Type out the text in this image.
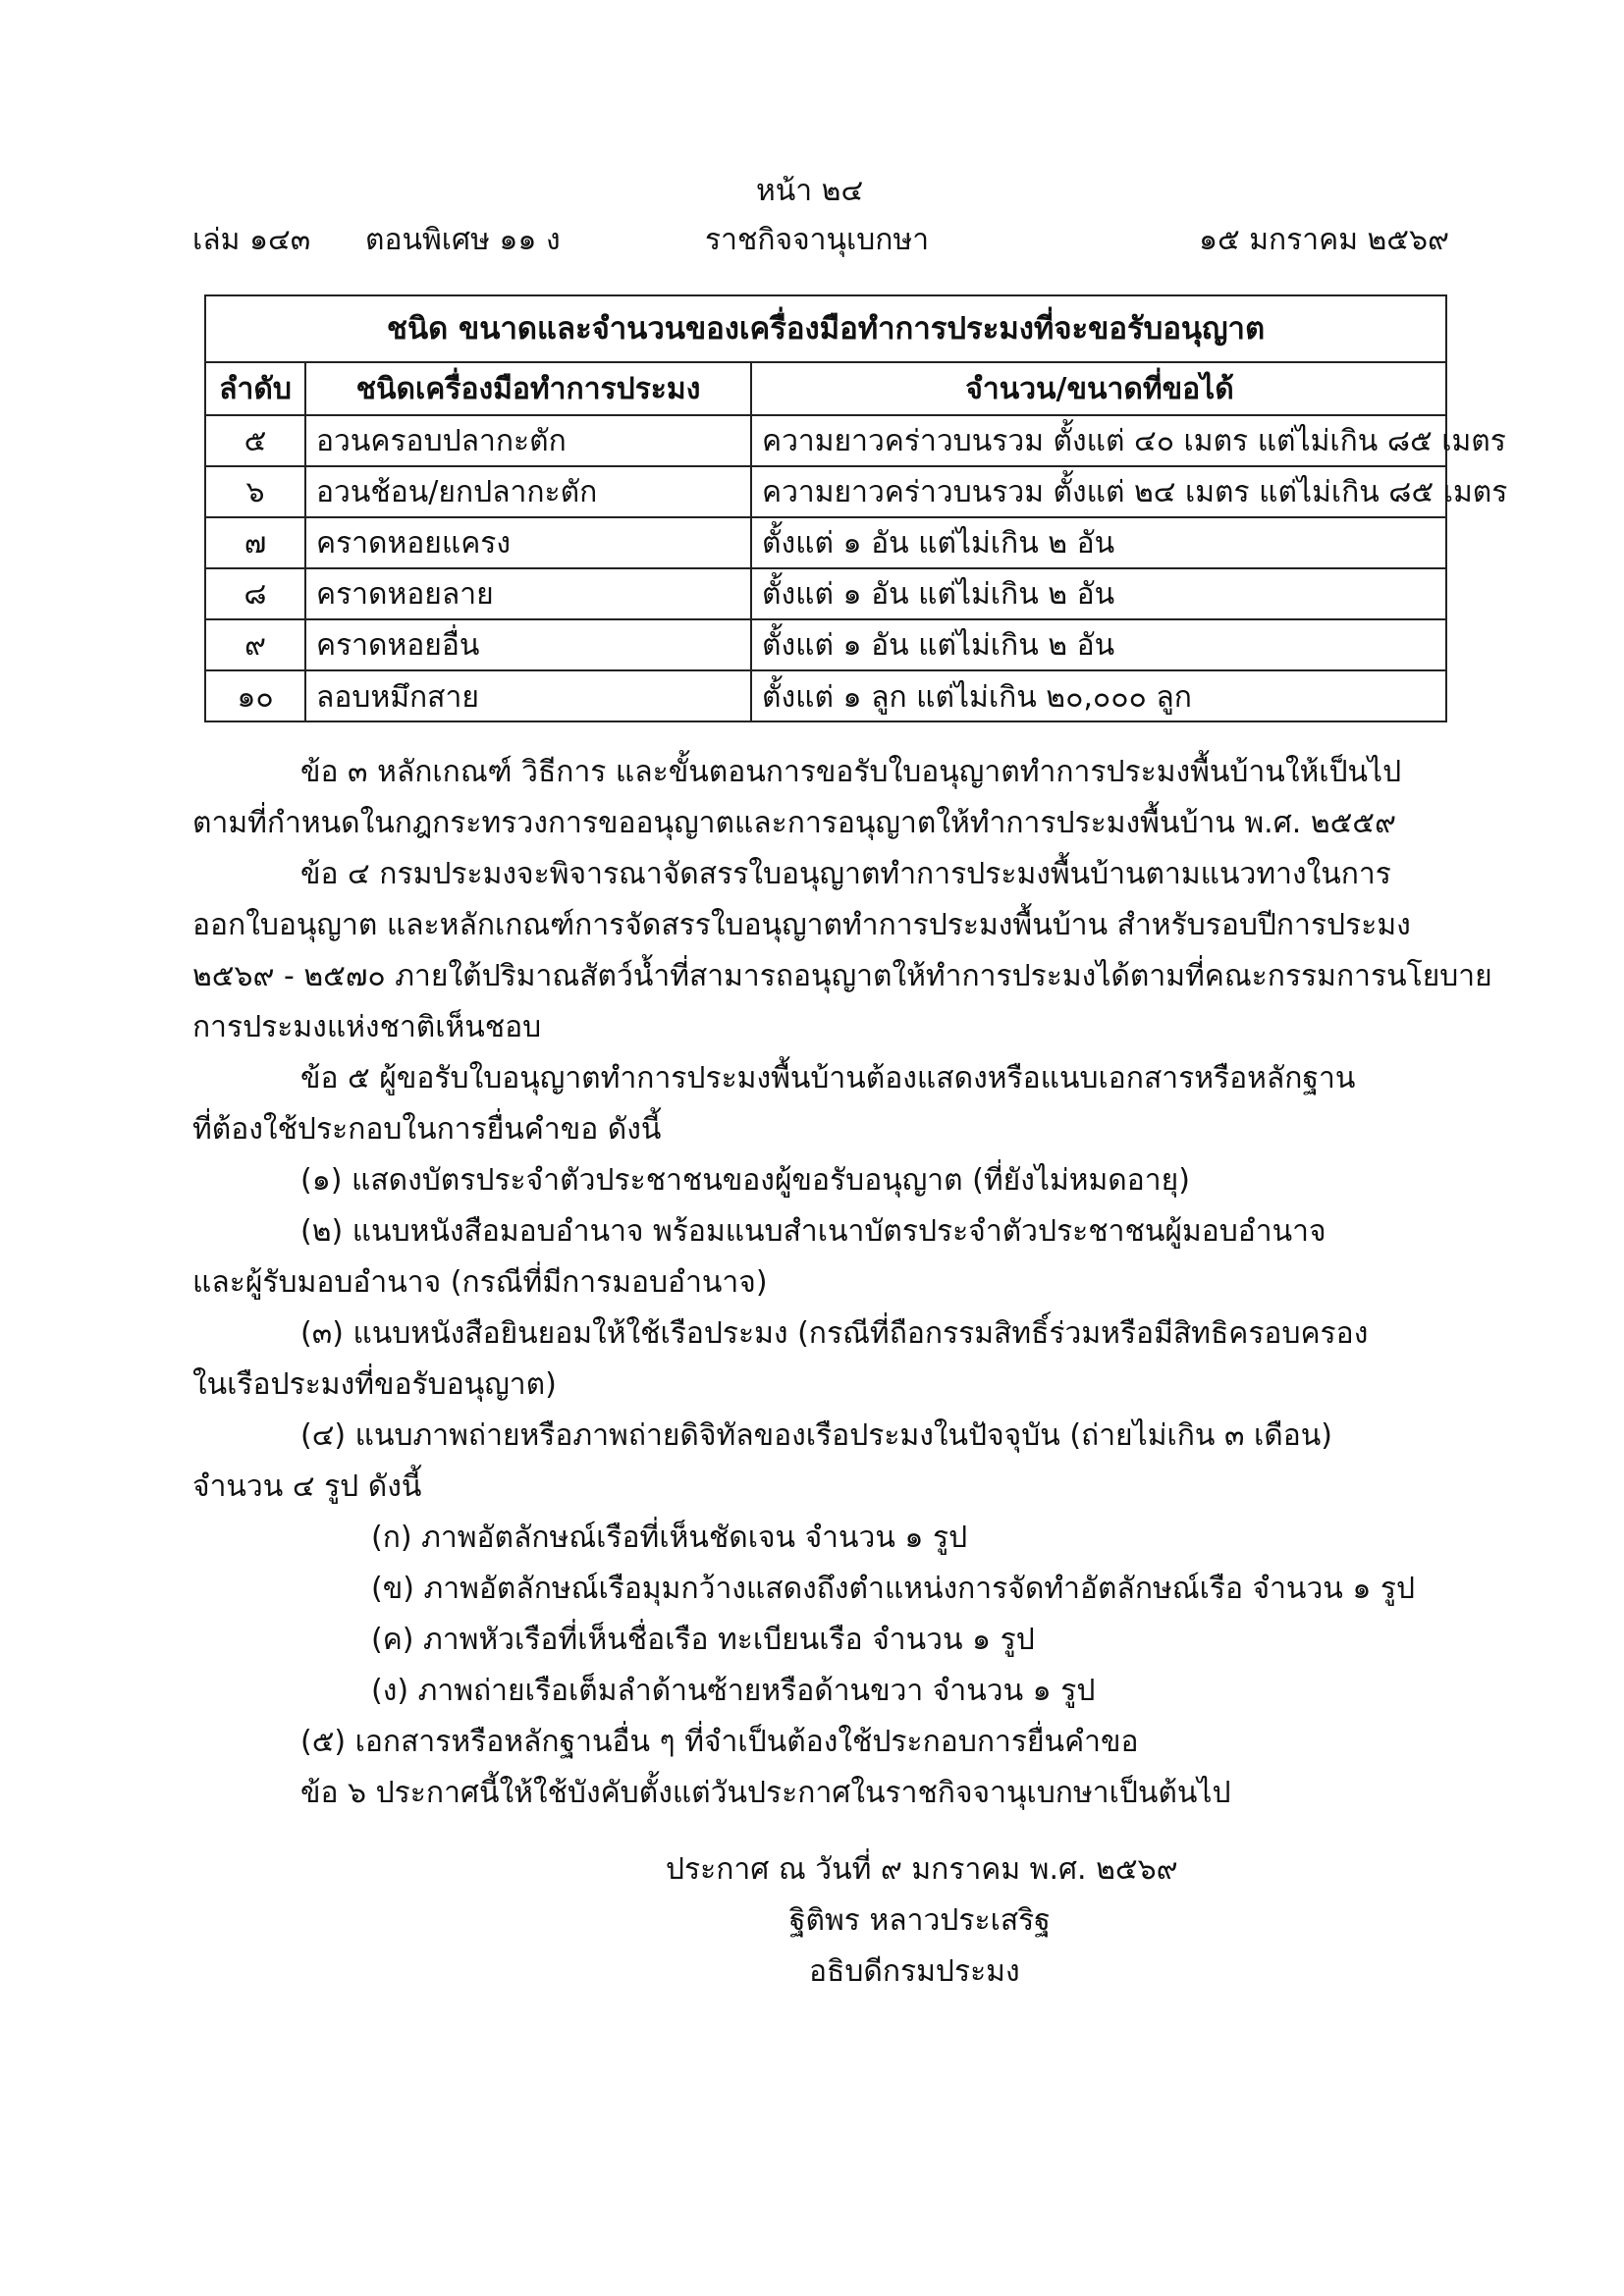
หน้า ๒๔
เล่ม ๑๔๓ ตอนพิเศษ ๑๑ ง	ราชกิจจานุเบกษา	๑๕ มกราคม ๒๕๖๙
ชนิด ขนาดและจำนวนของเครื่องมือทำการประมงที่จะขอรับอนุญาต
ลำดับ	ชนิดเครื่องมือทำการประมง	จำนวน/ขนาดที่ขอได้
๕	อวนครอบปลากะตัก	ความยาวคร่าวบนรวม ตั้งแต่ ๔๐ เมตร แต่ไม่เกิน ๘๕ เมตร
๖	อวนช้อน/ยกปลากะตัก	ความยาวคร่าวบนรวม ตั้งแต่ ๒๔ เมตร แต่ไม่เกิน ๘๕ เมตร
๗	คราดหอยแครง	ตั้งแต่ ๑ อัน แต่ไม่เกิน ๒ อัน
๘	คราดหอยลาย	ตั้งแต่ ๑ อัน แต่ไม่เกิน ๒ อัน
๙	คราดหอยอื่น	ตั้งแต่ ๑ อัน แต่ไม่เกิน ๒ อัน
๑๐	ลอบหมึกสาย	ตั้งแต่ ๑ ลูก แต่ไม่เกิน ๒๐,๐๐๐ ลูก
ข้อ ๓ หลักเกณฑ์ วิธีการ และขั้นตอนการขอรับใบอนุญาตทำการประมงพื้นบ้านให้เป็นไป
ตามที่กำหนดในกฎกระทรวงการขออนุญาตและการอนุญาตให้ทำการประมงพื้นบ้าน พ.ศ. ๒๕๕๙
ข้อ ๔ กรมประมงจะพิจารณาจัดสรรใบอนุญาตทำการประมงพื้นบ้านตามแนวทางในการ
ออกใบอนุญาต และหลักเกณฑ์การจัดสรรใบอนุญาตทำการประมงพื้นบ้าน สำหรับรอบปีการประมง
๒๕๖๙ - ๒๕๗๐ ภายใต้ปริมาณสัตว์น้ำที่สามารถอนุญาตให้ทำการประมงได้ตามที่คณะกรรมการนโยบาย
การประมงแห่งชาติเห็นชอบ
ข้อ ๕ ผู้ขอรับใบอนุญาตทำการประมงพื้นบ้านต้องแสดงหรือแนบเอกสารหรือหลักฐาน
ที่ต้องใช้ประกอบในการยื่นคำขอ ดังนี้
(๑) แสดงบัตรประจำตัวประชาชนของผู้ขอรับอนุญาต (ที่ยังไม่หมดอายุ)
(๒) แนบหนังสือมอบอำนาจ พร้อมแนบสำเนาบัตรประจำตัวประชาชนผู้มอบอำนาจ
และผู้รับมอบอำนาจ (กรณีที่มีการมอบอำนาจ)
(๓) แนบหนังสือยินยอมให้ใช้เรือประมง (กรณีที่ถือกรรมสิทธิ์ร่วมหรือมีสิทธิครอบครอง
ในเรือประมงที่ขอรับอนุญาต)
(๔) แนบภาพถ่ายหรือภาพถ่ายดิจิทัลของเรือประมงในปัจจุบัน (ถ่ายไม่เกิน ๓ เดือน)
จำนวน ๔ รูป ดังนี้
(ก) ภาพอัตลักษณ์เรือที่เห็นชัดเจน จำนวน ๑ รูป
(ข) ภาพอัตลักษณ์เรือมุมกว้างแสดงถึงตำแหน่งการจัดทำอัตลักษณ์เรือ จำนวน ๑ รูป
(ค) ภาพหัวเรือที่เห็นชื่อเรือ ทะเบียนเรือ จำนวน ๑ รูป
(ง) ภาพถ่ายเรือเต็มลำด้านซ้ายหรือด้านขวา จำนวน ๑ รูป
(๕) เอกสารหรือหลักฐานอื่น ๆ ที่จำเป็นต้องใช้ประกอบการยื่นคำขอ
ข้อ ๖ ประกาศนี้ให้ใช้บังคับตั้งแต่วันประกาศในราชกิจจานุเบกษาเป็นต้นไป
ประกาศ ณ วันที่ ๙ มกราคม พ.ศ. ๒๕๖๙
ฐิติพร หลาวประเสริฐ
อธิบดีกรมประมง
